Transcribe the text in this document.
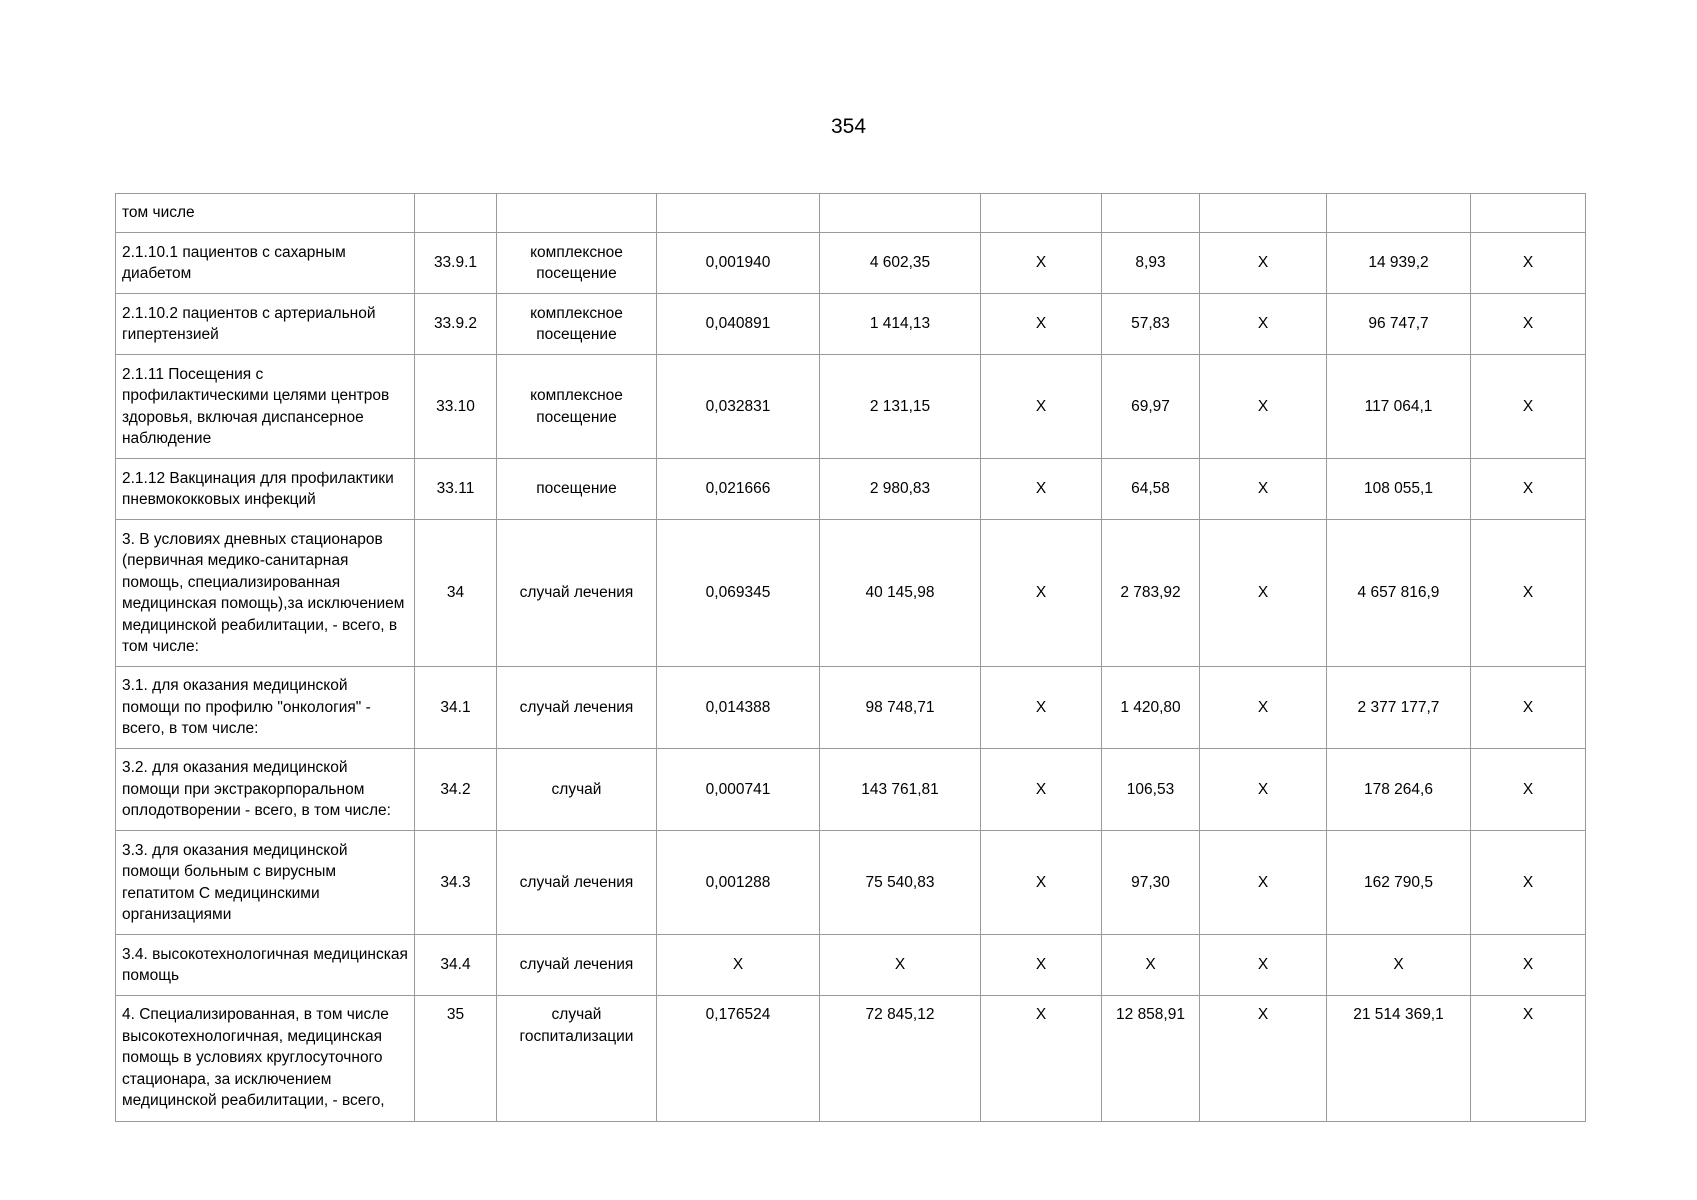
354
том числе									
2.1.10.1 пациентов с сахарным диабетом	33.9.1	комплексное посещение	0,001940	4 602,35	X	8,93	X	14 939,2	X
2.1.10.2 пациентов с артериальной гипертензией	33.9.2	комплексное посещение	0,040891	1 414,13	X	57,83	X	96 747,7	X
2.1.11 Посещения с профилактическими целями центров здоровья, включая диспансерное наблюдение	33.10	комплексное посещение	0,032831	2 131,15	X	69,97	X	117 064,1	X
2.1.12 Вакцинация для профилактики пневмококковых инфекций	33.11	посещение	0,021666	2 980,83	X	64,58	X	108 055,1	X
3. В условиях дневных стационаров (первичная медико-санитарная помощь, специализированная медицинская помощь),за исключением медицинской реабилитации, - всего, в том числе:	34	случай лечения	0,069345	40 145,98	X	2 783,92	X	4 657 816,9	X
3.1. для оказания медицинской помощи по профилю "онкология" - всего, в том числе:	34.1	случай лечения	0,014388	98 748,71	X	1 420,80	X	2 377 177,7	X
3.2. для оказания медицинской помощи при экстракорпоральном оплодотворении - всего, в том числе:	34.2	случай	0,000741	143 761,81	X	106,53	X	178 264,6	X
3.3. для оказания медицинской помощи больным с вирусным гепатитом С медицинскими организациями	34.3	случай лечения	0,001288	75 540,83	X	97,30	X	162 790,5	X
3.4. высокотехнологичная медицинская помощь	34.4	случай лечения	X	X	X	X	X	X	X
4. Специализированная, в том числе высокотехнологичная, медицинская помощь в условиях круглосуточного стационара, за исключением медицинской реабилитации, - всего,	35	случай госпитализации	0,176524	72 845,12	X	12 858,91	X	21 514 369,1	X
